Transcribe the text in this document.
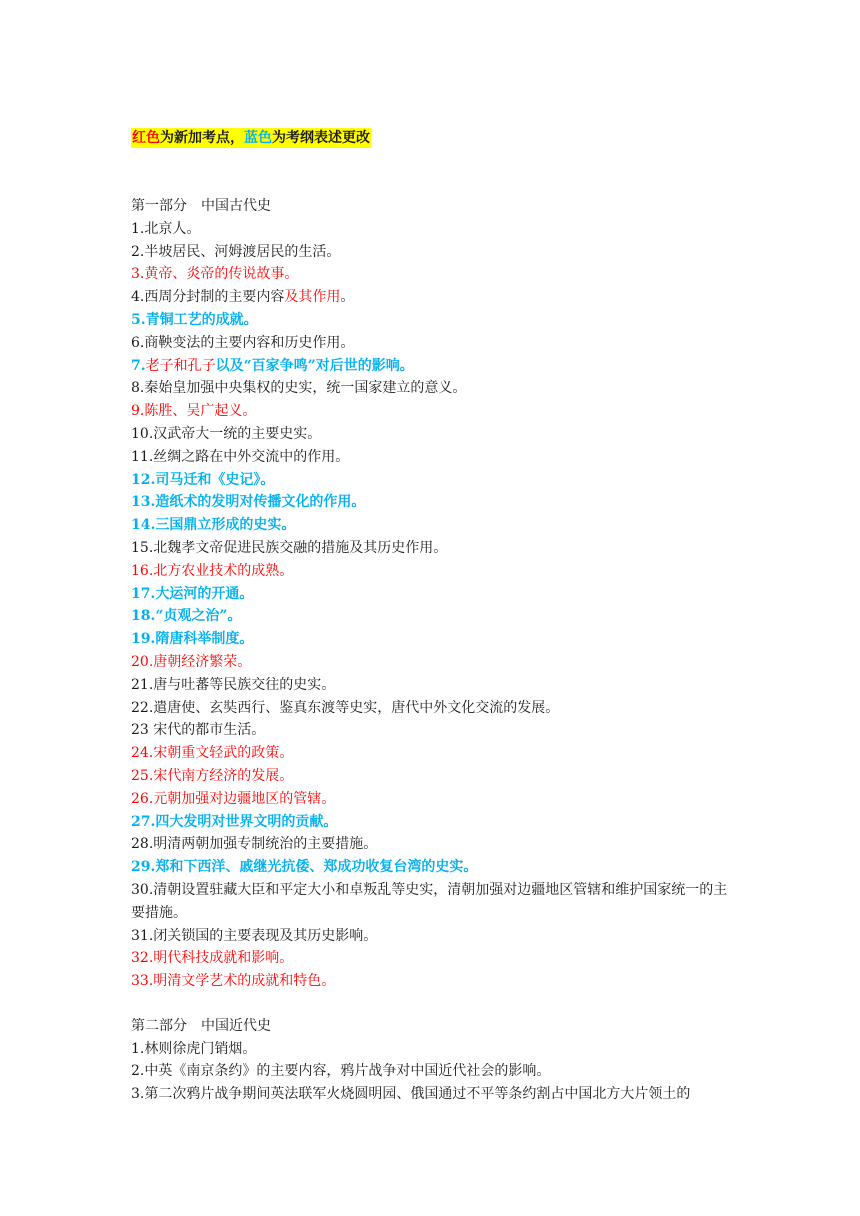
红色为新加考点，蓝色为考纲表述更改
第一部分　中国古代史
1.北京人。
2.半坡居民、河姆渡居民的生活。
3.黄帝、炎帝的传说故事。
4.西周分封制的主要内容及其作用。
5.青铜工艺的成就。
6.商鞅变法的主要内容和历史作用。
7.老子和孔子以及“百家争鸣”对后世的影响。
8.秦始皇加强中央集权的史实，统一国家建立的意义。
9.陈胜、吴广起义。
10.汉武帝大一统的主要史实。
11.丝绸之路在中外交流中的作用。
12.司马迁和《史记》。
13.造纸术的发明对传播文化的作用。
14.三国鼎立形成的史实。
15.北魏孝文帝促进民族交融的措施及其历史作用。
16.北方农业技术的成熟。
17.大运河的开通。
18.“贞观之治”。
19.隋唐科举制度。
20.唐朝经济繁荣。
21.唐与吐蕃等民族交往的史实。
22.遣唐使、玄奘西行、鉴真东渡等史实，唐代中外文化交流的发展。
23 宋代的都市生活。
24.宋朝重文轻武的政策。
25.宋代南方经济的发展。
26.元朝加强对边疆地区的管辖。
27.四大发明对世界文明的贡献。
28.明清两朝加强专制统治的主要措施。
29.郑和下西洋、戚继光抗倭、郑成功收复台湾的史实。
30.清朝设置驻藏大臣和平定大小和卓叛乱等史实，清朝加强对边疆地区管辖和维护国家统一的主要措施。
31.闭关锁国的主要表现及其历史影响。
32.明代科技成就和影响。
33.明清文学艺术的成就和特色。
第二部分　中国近代史
1.林则徐虎门销烟。
2.中英《南京条约》的主要内容，鸦片战争对中国近代社会的影响。
3.第二次鸦片战争期间英法联军火烧圆明园、俄国通过不平等条约割占中国北方大片领土的
